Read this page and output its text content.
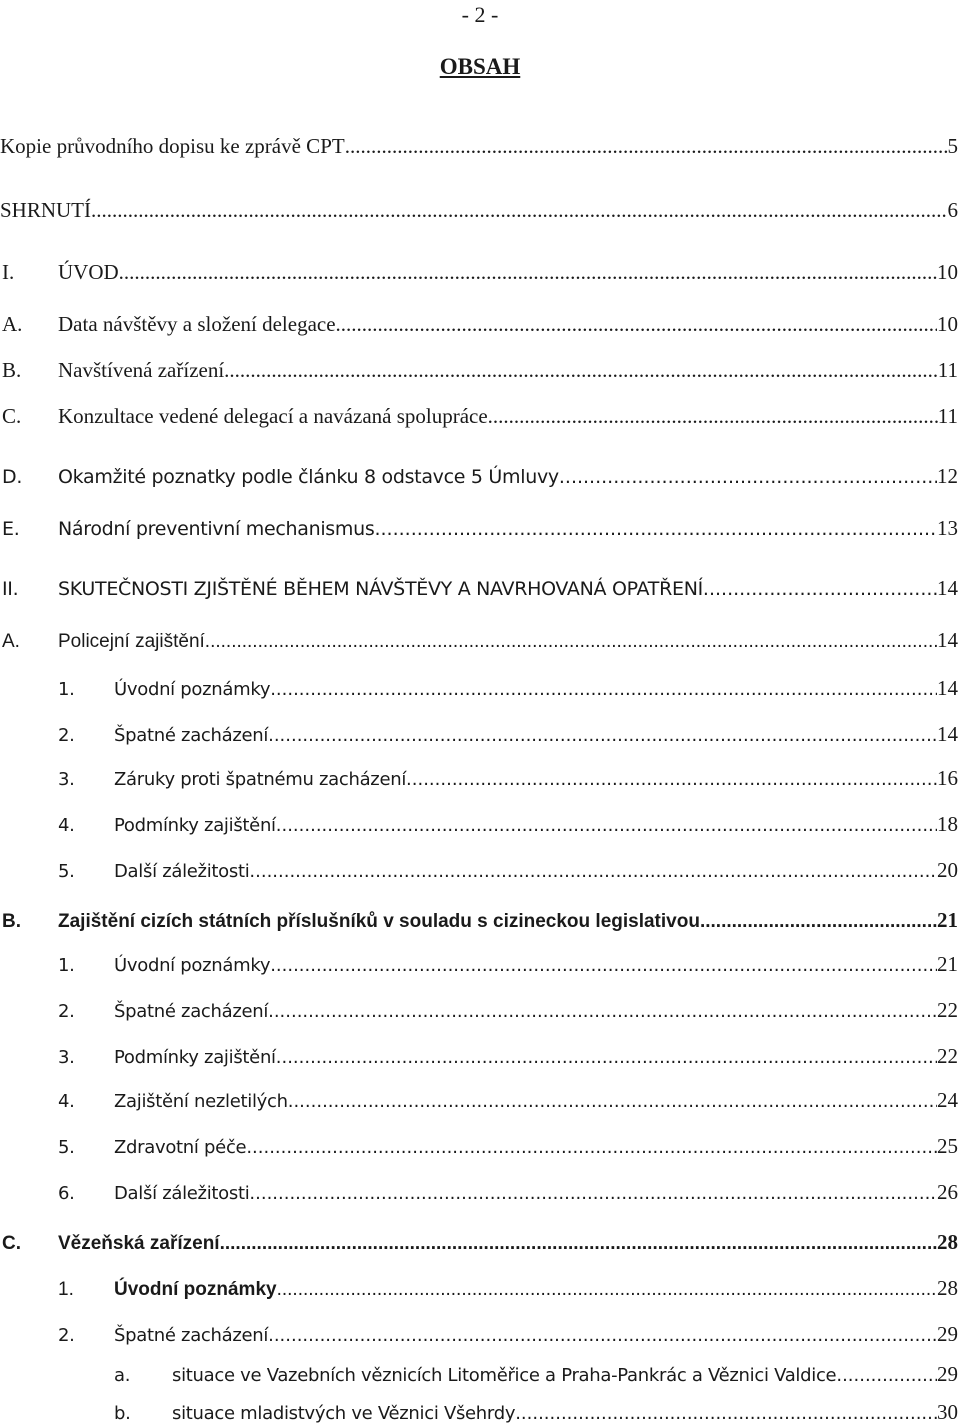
- 2 -
OBSAH
Kopie průvodního dopisu ke zprávě CPT .....	5
SHRNUTÍ .....	6
I.	ÚVOD .....	10
A.	Data návštěvy a složení delegace .....	10
B.	Navštívená zařízení .....	11
C.	Konzultace vedené delegací a navázaná spolupráce .....	11
D.	Okamžité poznatky podle článku 8 odstavce 5 Úmluvy .....	12
E.	Národní preventivní mechanismus .....	13
II.	SKUTEČNOSTI ZJIŠTĚNÉ BĚHEM NÁVŠTĚVY A NAVRHOVANÁ OPATŘENÍ .....	14
A.	Policejní zajištění .....	14
1.	Úvodní poznámky .....	14
2.	Špatné zacházení .....	14
3.	Záruky proti špatnému zacházení .....	16
4.	Podmínky zajištění .....	18
5.	Další záležitosti .....	20
B.	Zajištění cizích státních příslušníků v souladu s cizineckou legislativou .....	21
1.	Úvodní poznámky .....	21
2.	Špatné zacházení .....	22
3.	Podmínky zajištění .....	22
4.	Zajištění nezletilých .....	24
5.	Zdravotní péče .....	25
6.	Další záležitosti .....	26
C.	Vězeňská zařízení .....	28
1.	Úvodní poznámky .....	28
2.	Špatné zacházení .....	29
a.	situace ve Vazebních věznicích Litoměřice a Praha-Pankrác a Věznici Valdice .....	29
b.	situace mladistvých ve Věznici Všehrdy .....	30
